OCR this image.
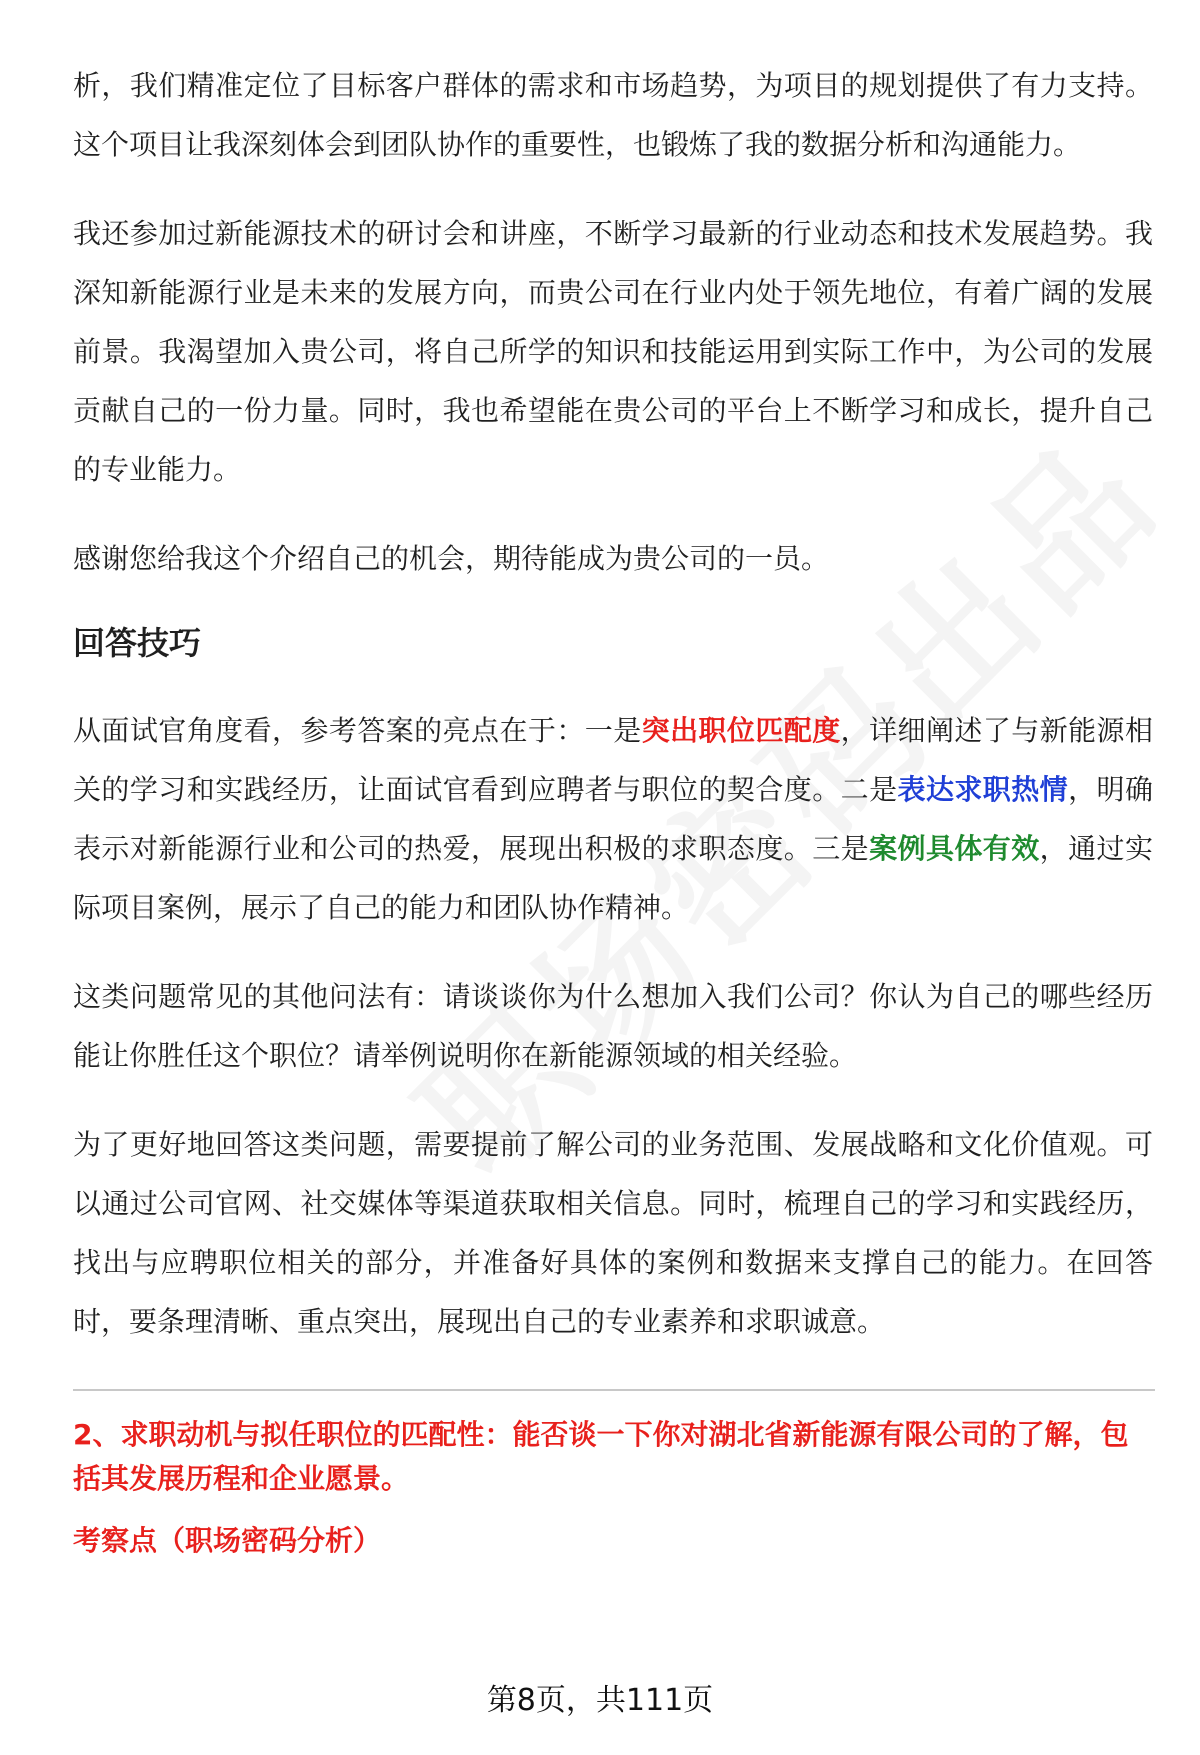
析，我们精准定位了目标客户群体的需求和市场趋势，为项目的规划提供了有力支持。这个项目让我深刻体会到团队协作的重要性，也锻炼了我的数据分析和沟通能力。

我还参加过新能源技术的研讨会和讲座，不断学习最新的行业动态和技术发展趋势。我深知新能源行业是未来的发展方向，而贵公司在行业内处于领先地位，有着广阔的发展前景。我渴望加入贵公司，将自己所学的知识和技能运用到实际工作中，为公司的发展贡献自己的一份力量。同时，我也希望能在贵公司的平台上不断学习和成长，提升自己的专业能力。

感谢您给我这个介绍自己的机会，期待能成为贵公司的一员。

回答技巧

从面试官角度看，参考答案的亮点在于：一是突出职位匹配度，详细阐述了与新能源相关的学习和实践经历，让面试官看到应聘者与职位的契合度。二是表达求职热情，明确表示对新能源行业和公司的热爱，展现出积极的求职态度。三是案例具体有效，通过实际项目案例，展示了自己的能力和团队协作精神。

这类问题常见的其他问法有：请谈谈你为什么想加入我们公司？你认为自己的哪些经历能让你胜任这个职位？请举例说明你在新能源领域的相关经验。

为了更好地回答这类问题，需要提前了解公司的业务范围、发展战略和文化价值观。可以通过公司官网、社交媒体等渠道获取相关信息。同时，梳理自己的学习和实践经历，找出与应聘职位相关的部分，并准备好具体的案例和数据来支撑自己的能力。在回答时，要条理清晰、重点突出，展现出自己的专业素养和求职诚意。

2、求职动机与拟任职位的匹配性：能否谈一下你对湖北省新能源有限公司的了解，包括其发展历程和企业愿景。

考察点（职场密码分析）

第8页，共111页
